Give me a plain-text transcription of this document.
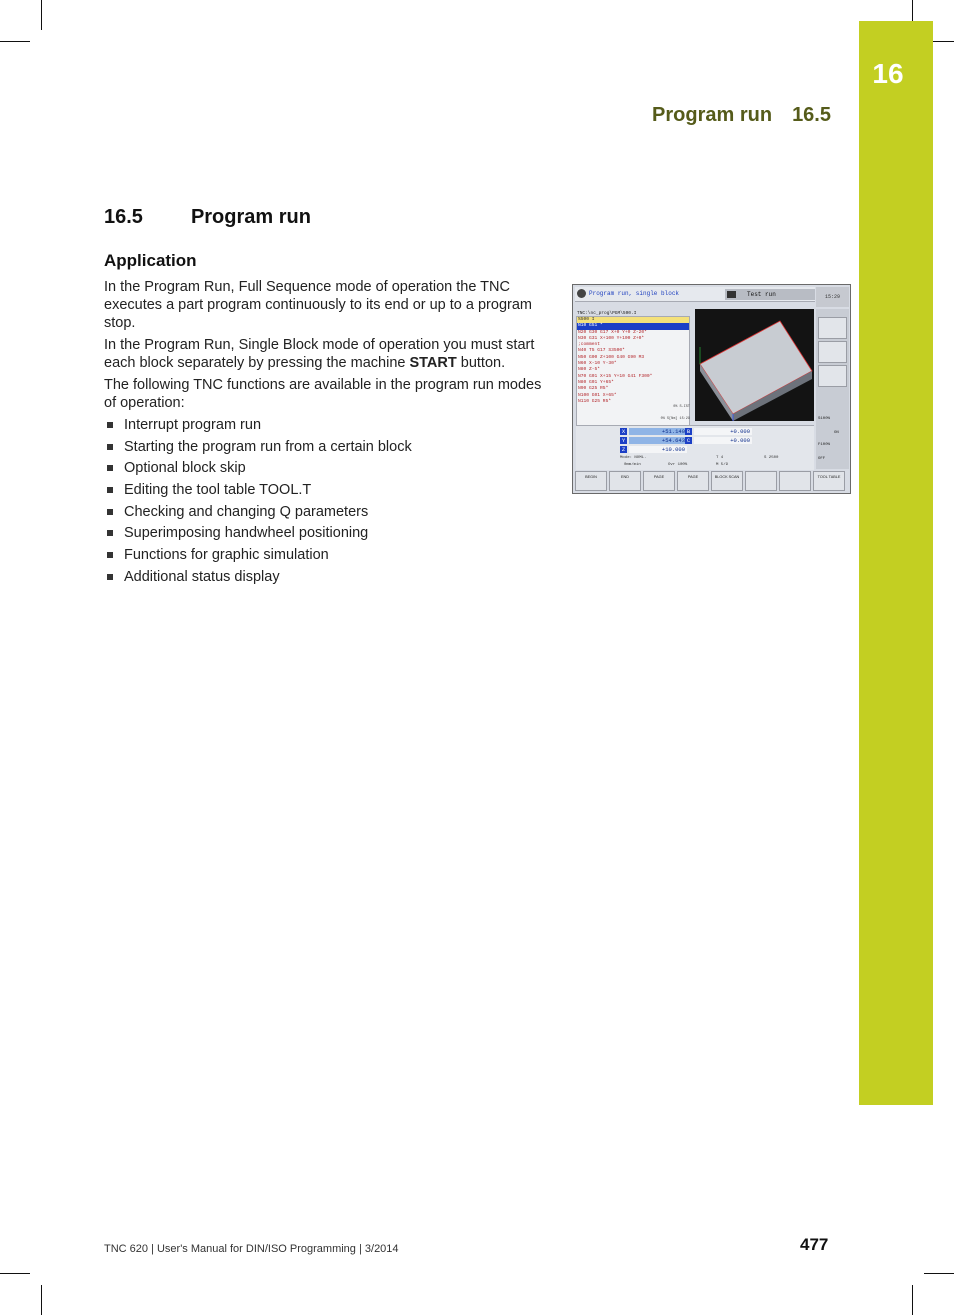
16
Program run 16.5
16.5 Program run
Application

In the Program Run, Full Sequence mode of operation the TNC executes a part program continuously to its end or up to a program stop.

In the Program Run, Single Block mode of operation you must start each block separately by pressing the machine START button.

The following TNC functions are available in the program run modes of operation:

Interrupt program run
Starting the program run from a certain block
Optional block skip
Editing the tool table TOOL.T
Checking and changing Q parameters
Superimposing handwheel positioning
Functions for graphic simulation
Additional status display
Program run, single block	Test run	15:29
TNC:\nc_prog\PGM\500.I
%500 I
N10 G51 *
N20 G30 G17 X+0 Y+0 Z-20*
N30 G31 X+100 Y+100 Z+0*
;comment
N40 T5 G17 S3500*
N50 G00 Z+100 G40 G90 M3
N60 X-10 Y-30*
N80 Z-5*
N70 G01 X+15 Y+10 G41 F300*
N80 G01 Y+65*
N90 G25 R5*
N100 G01 X+65*
N110 G25 R5*
0% S-IST
0% S[Nm] 15:29	S100%
ON
F100%
OFF
X	+51.140
Y	+54.643
Z	+10.000
B	+0.000
C	+0.000
Mode: NOML.	T 4	S 2500
0mm/min	Ovr 100%	M 5/9
BEGIN	END	PAGE	PAGE	BLOCK SCAN	TOOL TABLE
TNC 620 | User's Manual for DIN/ISO Programming | 3/2014	477
